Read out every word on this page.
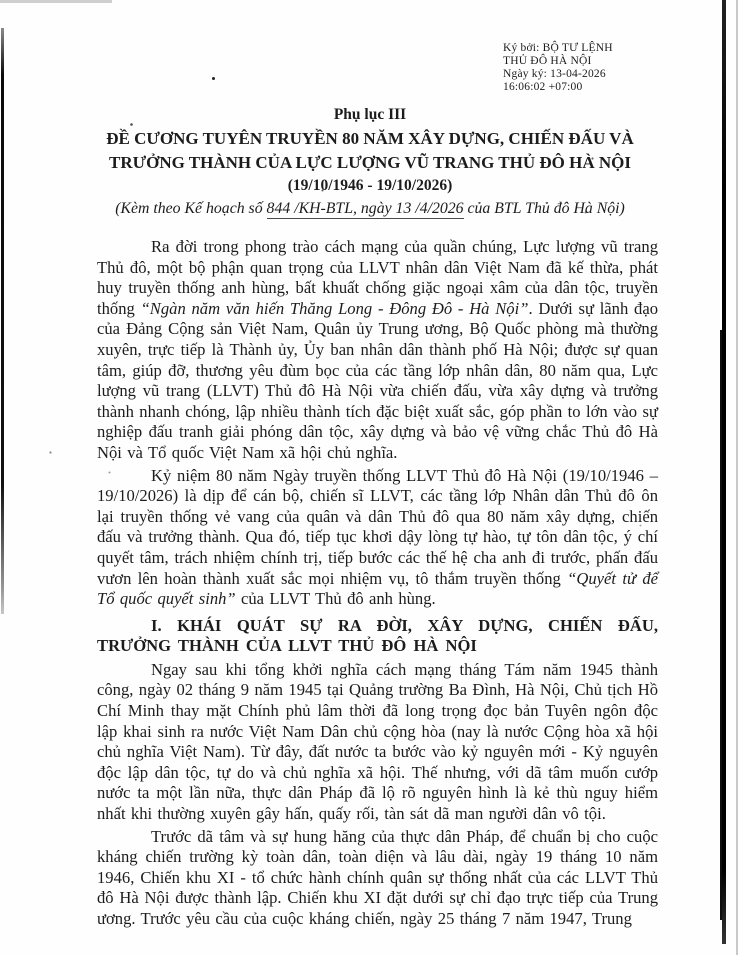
Ký bởi: BỘ TƯ LỆNH
THỦ ĐÔ HÀ NỘI
Ngày ký: 13-04-2026
16:06:02 +07:00
Phụ lục III
ĐỀ CƯƠNG TUYÊN TRUYỀN 80 NĂM XÂY DỰNG, CHIẾN ĐẤU VÀ
TRƯỞNG THÀNH CỦA LỰC LƯỢNG VŨ TRANG THỦ ĐÔ HÀ NỘI
(19/10/1946 - 19/10/2026)
(Kèm theo Kế hoạch số 844 /KH-BTL, ngày 13 /4/2026 của BTL Thủ đô Hà Nội)

Ra đời trong phong trào cách mạng của quần chúng, Lực lượng vũ trang Thủ đô, một bộ phận quan trọng của LLVT nhân dân Việt Nam đã kế thừa, phát huy truyền thống anh hùng, bất khuất chống giặc ngoại xâm của dân tộc, truyền thống “Ngàn năm văn hiến Thăng Long - Đông Đô - Hà Nội”. Dưới sự lãnh đạo của Đảng Cộng sản Việt Nam, Quân ủy Trung ương, Bộ Quốc phòng mà thường xuyên, trực tiếp là Thành ủy, Ủy ban nhân dân thành phố Hà Nội; được sự quan tâm, giúp đỡ, thương yêu đùm bọc của các tầng lớp nhân dân, 80 năm qua, Lực lượng vũ trang (LLVT) Thủ đô Hà Nội vừa chiến đấu, vừa xây dựng và trưởng thành nhanh chóng, lập nhiều thành tích đặc biệt xuất sắc, góp phần to lớn vào sự nghiệp đấu tranh giải phóng dân tộc, xây dựng và bảo vệ vững chắc Thủ đô Hà Nội và Tổ quốc Việt Nam xã hội chủ nghĩa.

Kỷ niệm 80 năm Ngày truyền thống LLVT Thủ đô Hà Nội (19/10/1946 – 19/10/2026) là dịp để cán bộ, chiến sĩ LLVT, các tầng lớp Nhân dân Thủ đô ôn lại truyền thống vẻ vang của quân và dân Thủ đô qua 80 năm xây dựng, chiến đấu và trưởng thành. Qua đó, tiếp tục khơi dậy lòng tự hào, tự tôn dân tộc, ý chí quyết tâm, trách nhiệm chính trị, tiếp bước các thế hệ cha anh đi trước, phấn đấu vươn lên hoàn thành xuất sắc mọi nhiệm vụ, tô thắm truyền thống “Quyết tử để Tổ quốc quyết sinh” của LLVT Thủ đô anh hùng.

I. KHÁI QUÁT SỰ RA ĐỜI, XÂY DỰNG, CHIẾN ĐẤU, TRƯỞNG THÀNH CỦA LLVT THỦ ĐÔ HÀ NỘI

Ngay sau khi tổng khởi nghĩa cách mạng tháng Tám năm 1945 thành công, ngày 02 tháng 9 năm 1945 tại Quảng trường Ba Đình, Hà Nội, Chủ tịch Hồ Chí Minh thay mặt Chính phủ lâm thời đã long trọng đọc bản Tuyên ngôn độc lập khai sinh ra nước Việt Nam Dân chủ cộng hòa (nay là nước Cộng hòa xã hội chủ nghĩa Việt Nam). Từ đây, đất nước ta bước vào kỷ nguyên mới - Kỷ nguyên độc lập dân tộc, tự do và chủ nghĩa xã hội. Thế nhưng, với dã tâm muốn cướp nước ta một lần nữa, thực dân Pháp đã lộ rõ nguyên hình là kẻ thù nguy hiểm nhất khi thường xuyên gây hấn, quấy rối, tàn sát dã man người dân vô tội.

Trước dã tâm và sự hung hăng của thực dân Pháp, để chuẩn bị cho cuộc kháng chiến trường kỳ toàn dân, toàn diện và lâu dài, ngày 19 tháng 10 năm 1946, Chiến khu XI - tổ chức hành chính quân sự thống nhất của các LLVT Thủ đô Hà Nội được thành lập. Chiến khu XI đặt dưới sự chỉ đạo trực tiếp của Trung ương. Trước yêu cầu của cuộc kháng chiến, ngày 25 tháng 7 năm 1947, Trung
